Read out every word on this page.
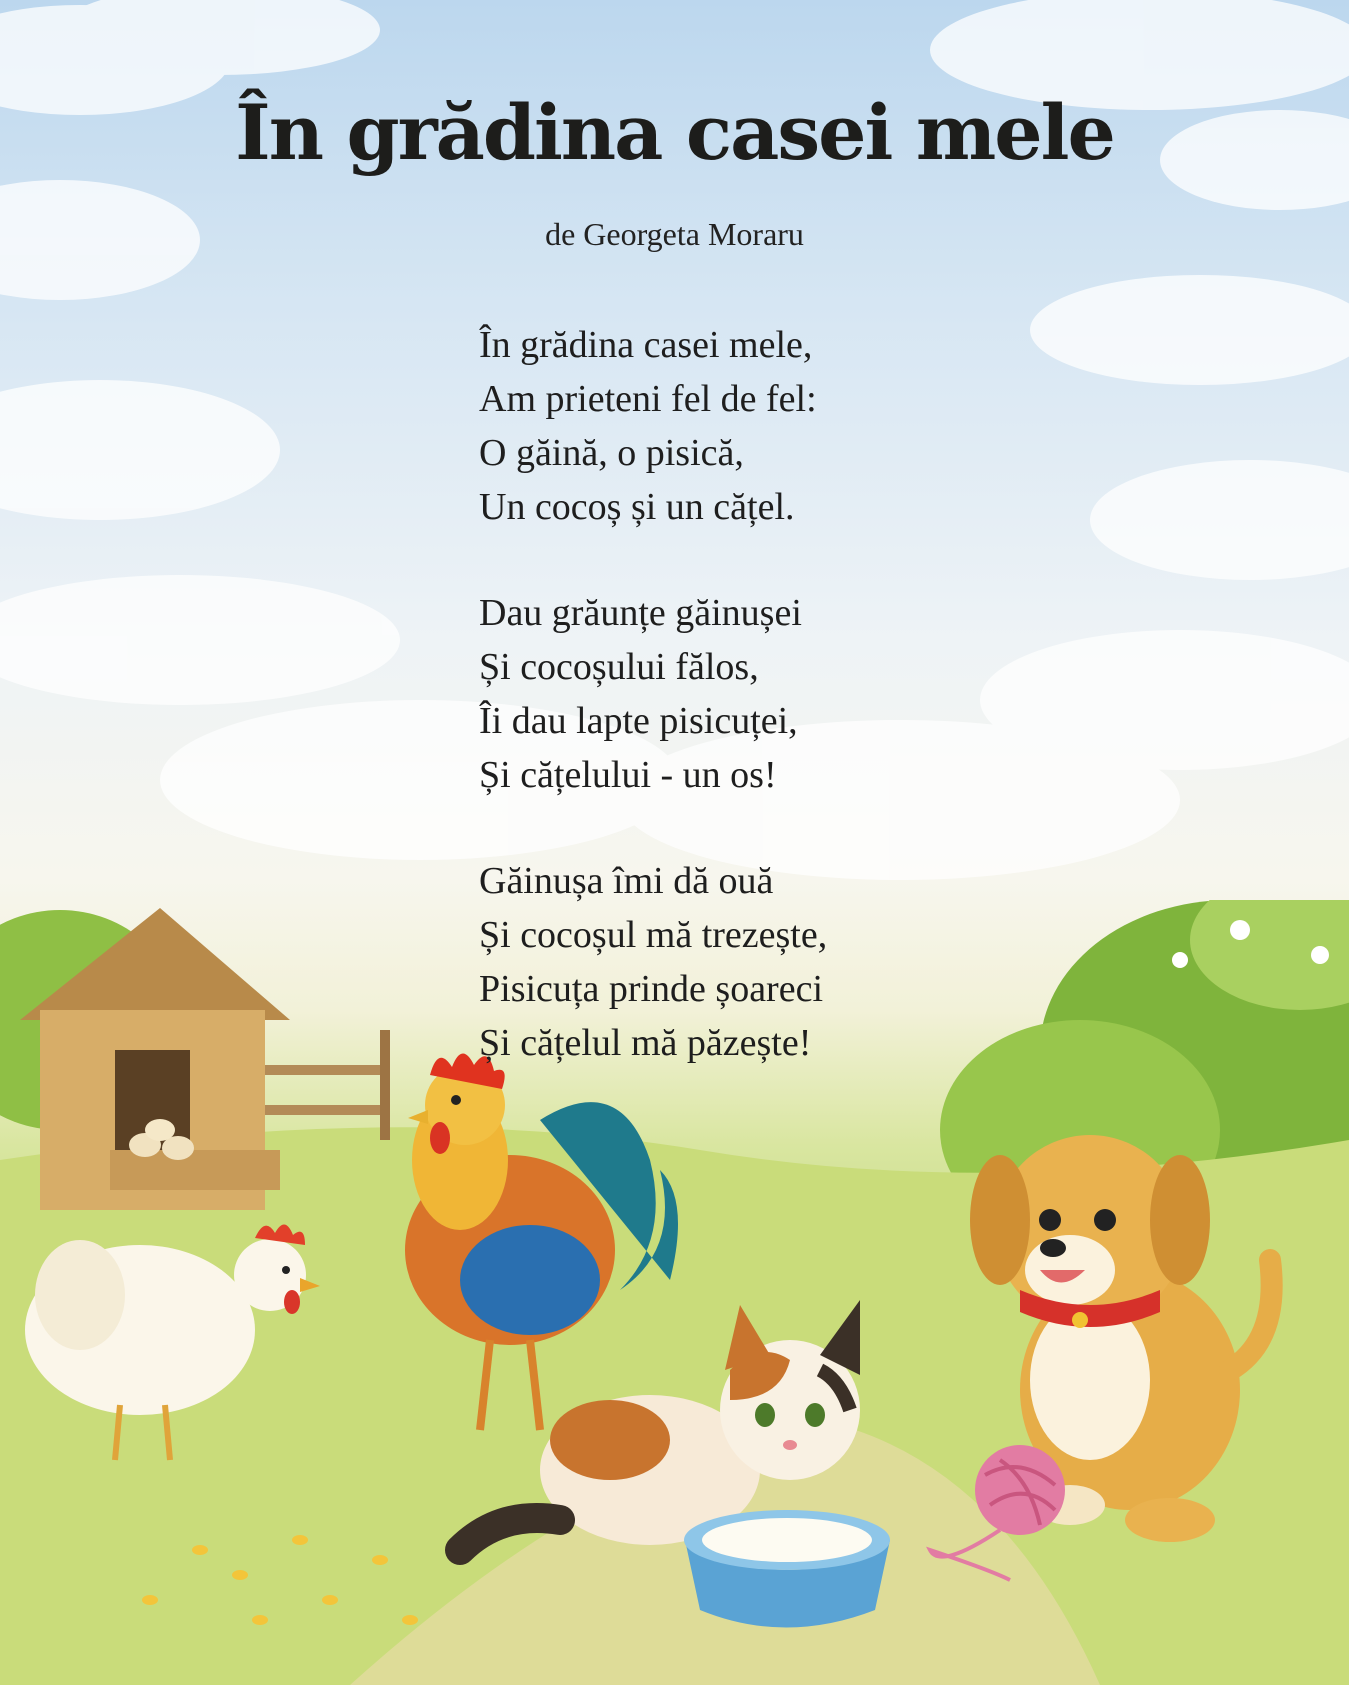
În grădina casei mele
de Georgeta Moraru
În grădina casei mele,
Am prieteni fel de fel:
O găină, o pisică,
Un cocoș și un cățel.
Dau grăunțe găinușei
Și cocoșului fălos,
Îi dau lapte pisicuței,
Și cățelului - un os!
Găinușa îmi dă ouă
Și cocoșul mă trezește,
Pisicuța prinde șoareci
Și cățelul mă păzește!
